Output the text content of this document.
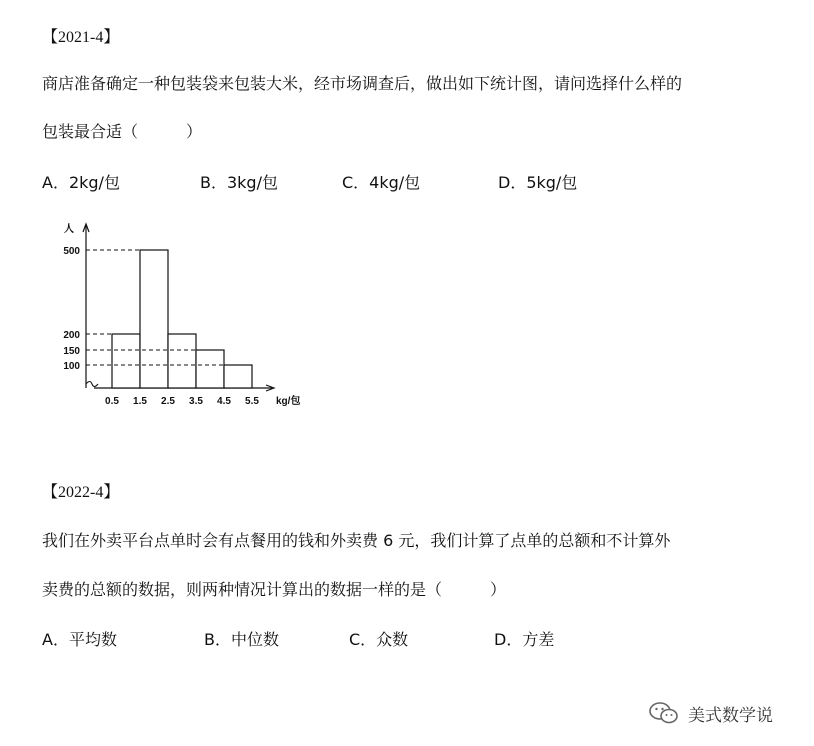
【2021-4】
商店准备确定一种包装袋来包装大米，经市场调查后，做出如下统计图，请问选择什么样的
包装最合适（　　　）
A．2kg/包	B．3kg/包	C．4kg/包	D．5kg/包
人
kg/包
500
200
150
100
0.5 1.5 2.5 3.5 4.5 5.5
【2022-4】
我们在外卖平台点单时会有点餐用的钱和外卖费 6 元，我们计算了点单的总额和不计算外
卖费的总额的数据，则两种情况计算出的数据一样的是（　　　）
A．平均数	B．中位数	C．众数	D．方差
美式数学说
